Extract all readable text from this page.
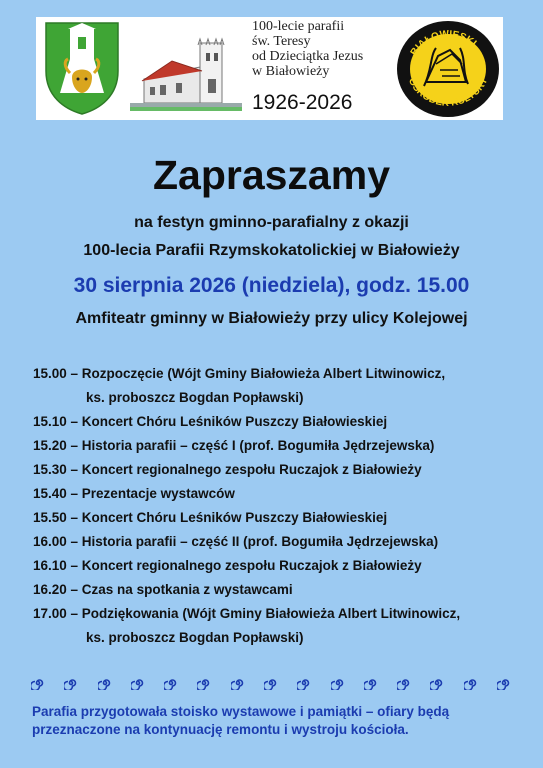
100-lecie parafii
św. Teresy
od Dzieciątka Jezus
w Białowieży
1926-2026
BIAŁOWIESKI
OŚRODEK KULTURY
Zapraszamy
na festyn gminno-parafialny z okazji
100-lecia Parafii Rzymskokatolickiej w Białowieży
30 sierpnia 2026 (niedziela), godz. 15.00
Amfiteatr gminny w Białowieży przy ulicy Kolejowej
15.00 – Rozpoczęcie (Wójt Gminy Białowieża Albert Litwinowicz,
ks. proboszcz Bogdan Popławski)
15.10 – Koncert Chóru Leśników Puszczy Białowieskiej
15.20 – Historia parafii – część I (prof. Bogumiła Jędrzejewska)
15.30 – Koncert regionalnego zespołu Ruczajok z Białowieży
15.40 – Prezentacje wystawców
15.50 – Koncert Chóru Leśników Puszczy Białowieskiej
16.00 – Historia parafii – część II (prof. Bogumiła Jędrzejewska)
16.10 – Koncert regionalnego zespołu Ruczajok z Białowieży
16.20 – Czas na spotkania z wystawcami
17.00 – Podziękowania (Wójt Gminy Białowieża Albert Litwinowicz,
ks. proboszcz Bogdan Popławski)
Parafia przygotowała stoisko wystawowe i pamiątki – ofiary będą przeznaczone na kontynuację remontu i wystroju kościoła.
